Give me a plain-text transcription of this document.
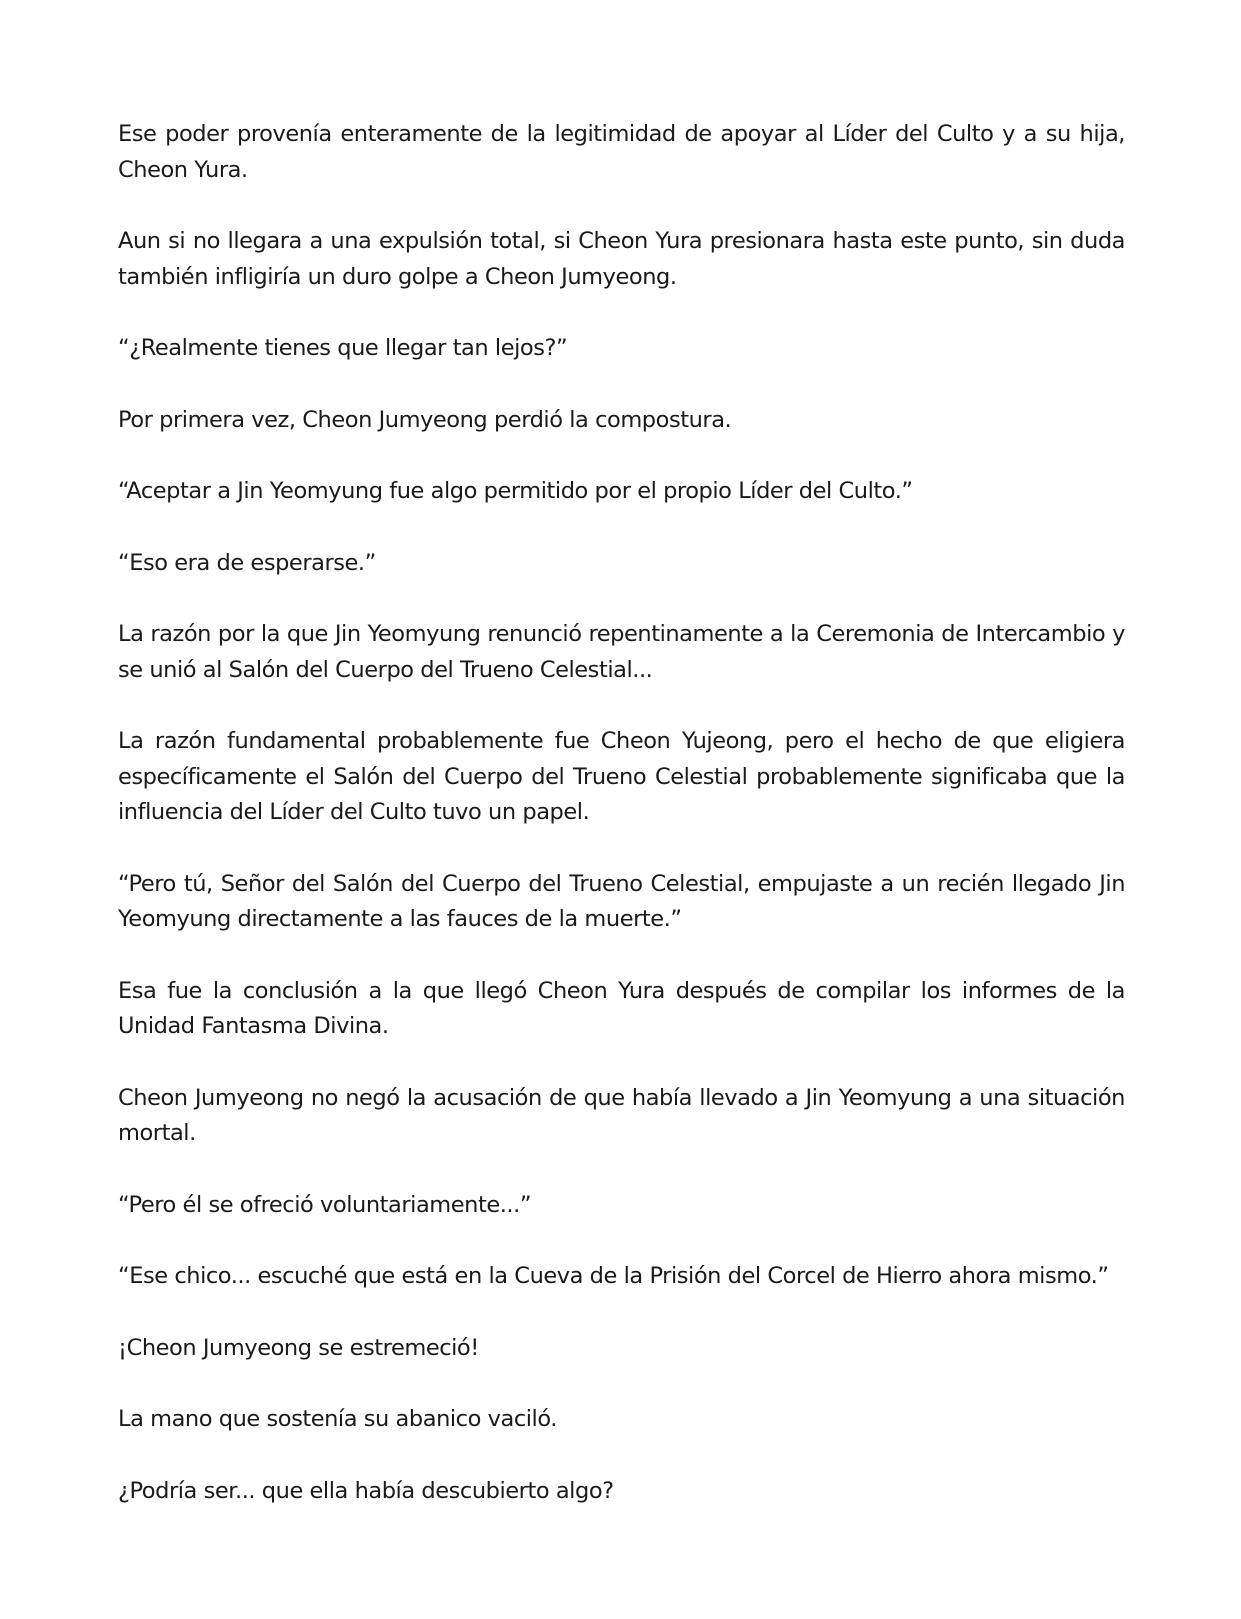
Ese poder provenía enteramente de la legitimidad de apoyar al Líder del Culto y a su hija, Cheon Yura.

Aun si no llegara a una expulsión total, si Cheon Yura presionara hasta este punto, sin duda también infligiría un duro golpe a Cheon Jumyeong.

“¿Realmente tienes que llegar tan lejos?”

Por primera vez, Cheon Jumyeong perdió la compostura.

“Aceptar a Jin Yeomyung fue algo permitido por el propio Líder del Culto.”

“Eso era de esperarse.”

La razón por la que Jin Yeomyung renunció repentinamente a la Ceremonia de Intercambio y se unió al Salón del Cuerpo del Trueno Celestial...

La razón fundamental probablemente fue Cheon Yujeong, pero el hecho de que eligiera específicamente el Salón del Cuerpo del Trueno Celestial probablemente significaba que la influencia del Líder del Culto tuvo un papel.

“Pero tú, Señor del Salón del Cuerpo del Trueno Celestial, empujaste a un recién llegado Jin Yeomyung directamente a las fauces de la muerte.”

Esa fue la conclusión a la que llegó Cheon Yura después de compilar los informes de la Unidad Fantasma Divina.

Cheon Jumyeong no negó la acusación de que había llevado a Jin Yeomyung a una situación mortal.

“Pero él se ofreció voluntariamente...”

“Ese chico... escuché que está en la Cueva de la Prisión del Corcel de Hierro ahora mismo.”

¡Cheon Jumyeong se estremeció!

La mano que sostenía su abanico vaciló.

¿Podría ser... que ella había descubierto algo?
